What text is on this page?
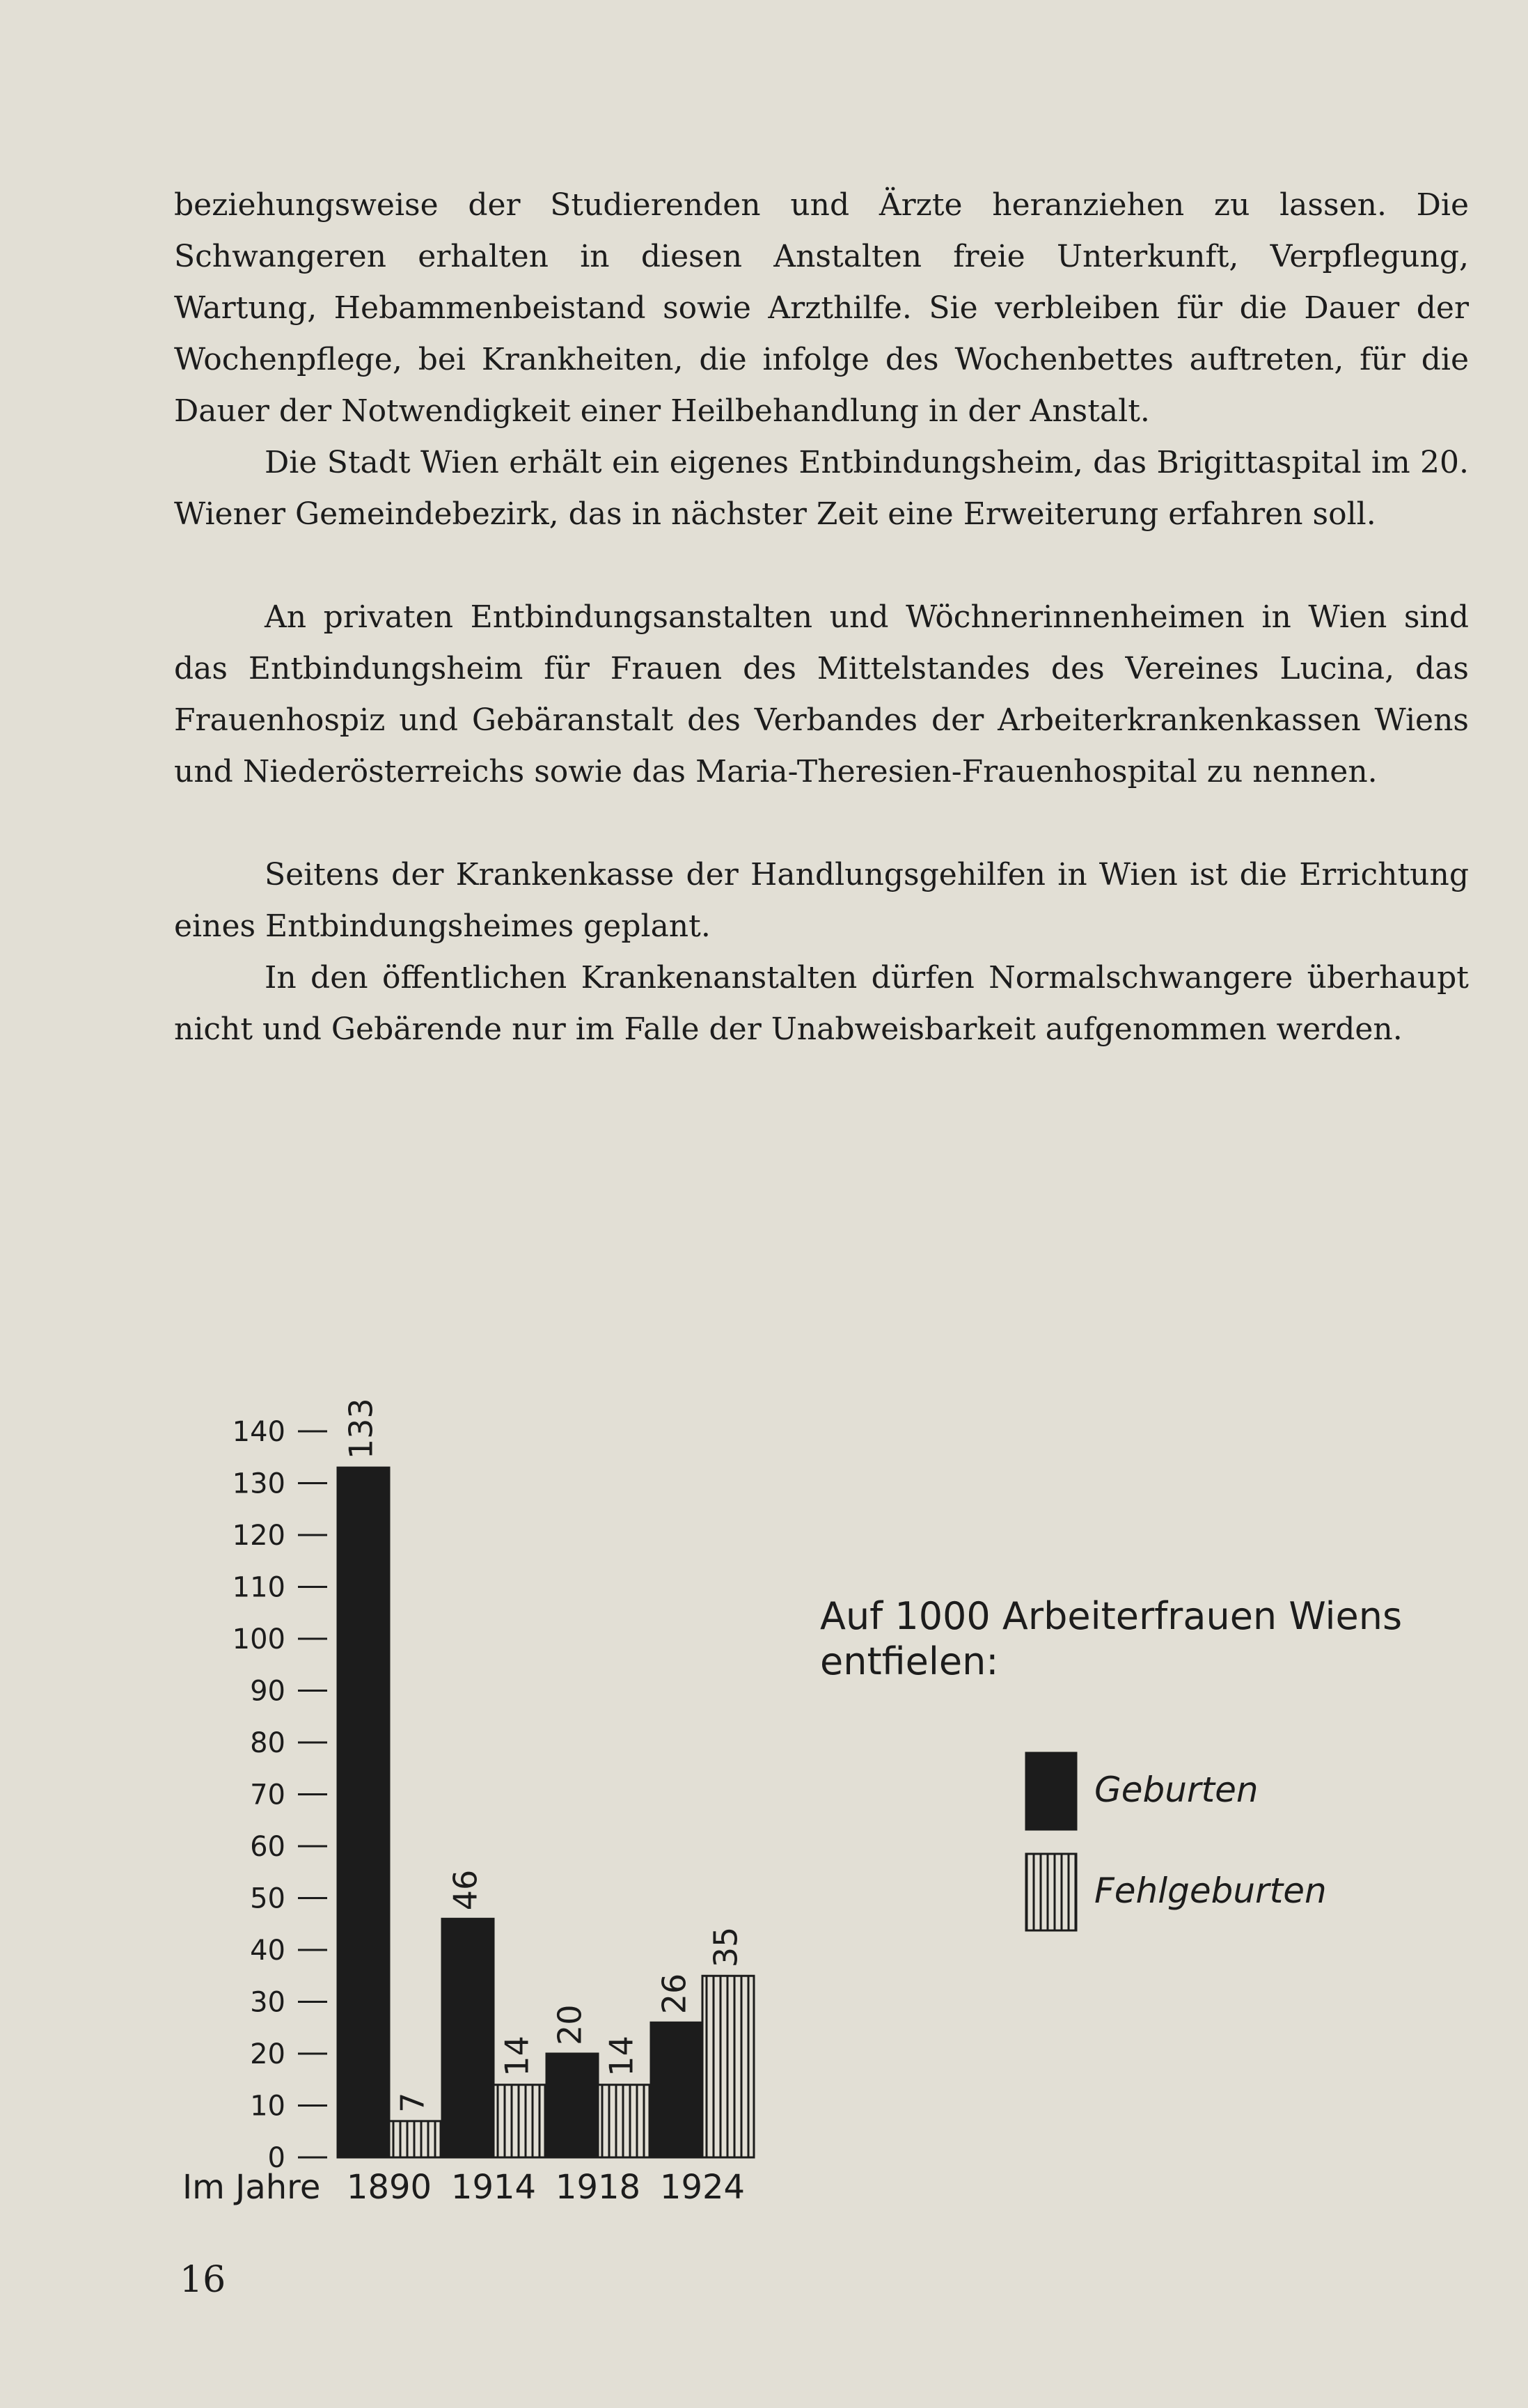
beziehungsweise der Studierenden und Ärzte heranziehen zu lassen. Die Schwangeren erhalten in diesen Anstalten freie Unterkunft, Verpflegung, Wartung, Hebammenbeistand sowie Arzthilfe. Sie verbleiben für die Dauer der Wochenpflege, bei Krankheiten, die infolge des Wochenbettes auftreten, für die Dauer der Notwendigkeit einer Heilbehandlung in der Anstalt.

Die Stadt Wien erhält ein eigenes Entbindungsheim, das Brigittaspital im 20. Wiener Gemeindebezirk, das in nächster Zeit eine Erweiterung erfahren soll.

An privaten Entbindungsanstalten und Wöchnerinnenheimen in Wien sind das Entbindungsheim für Frauen des Mittelstandes des Vereines Lucina, das Frauenhospiz und Gebäranstalt des Verbandes der Arbeiterkrankenkassen Wiens und Niederösterreichs sowie das Maria-Theresien-Frauenhospital zu nennen.

Seitens der Krankenkasse der Handlungsgehilfen in Wien ist die Errichtung eines Entbindungsheimes geplant.

In den öffentlichen Krankenanstalten dürfen Normalschwangere überhaupt nicht und Gebärende nur im Falle der Unabweisbarkeit aufgenommen werden.

0
10
20
30
40
50
60
70
80
90
100
110
120
130
140 133
7
46
14
20
14
26
35
Im Jahre 1890 1914 1918 1924
Auf 1000 Arbeiterfrauen Wiens
entfielen:
Geburten
Fehlgeburten
16
